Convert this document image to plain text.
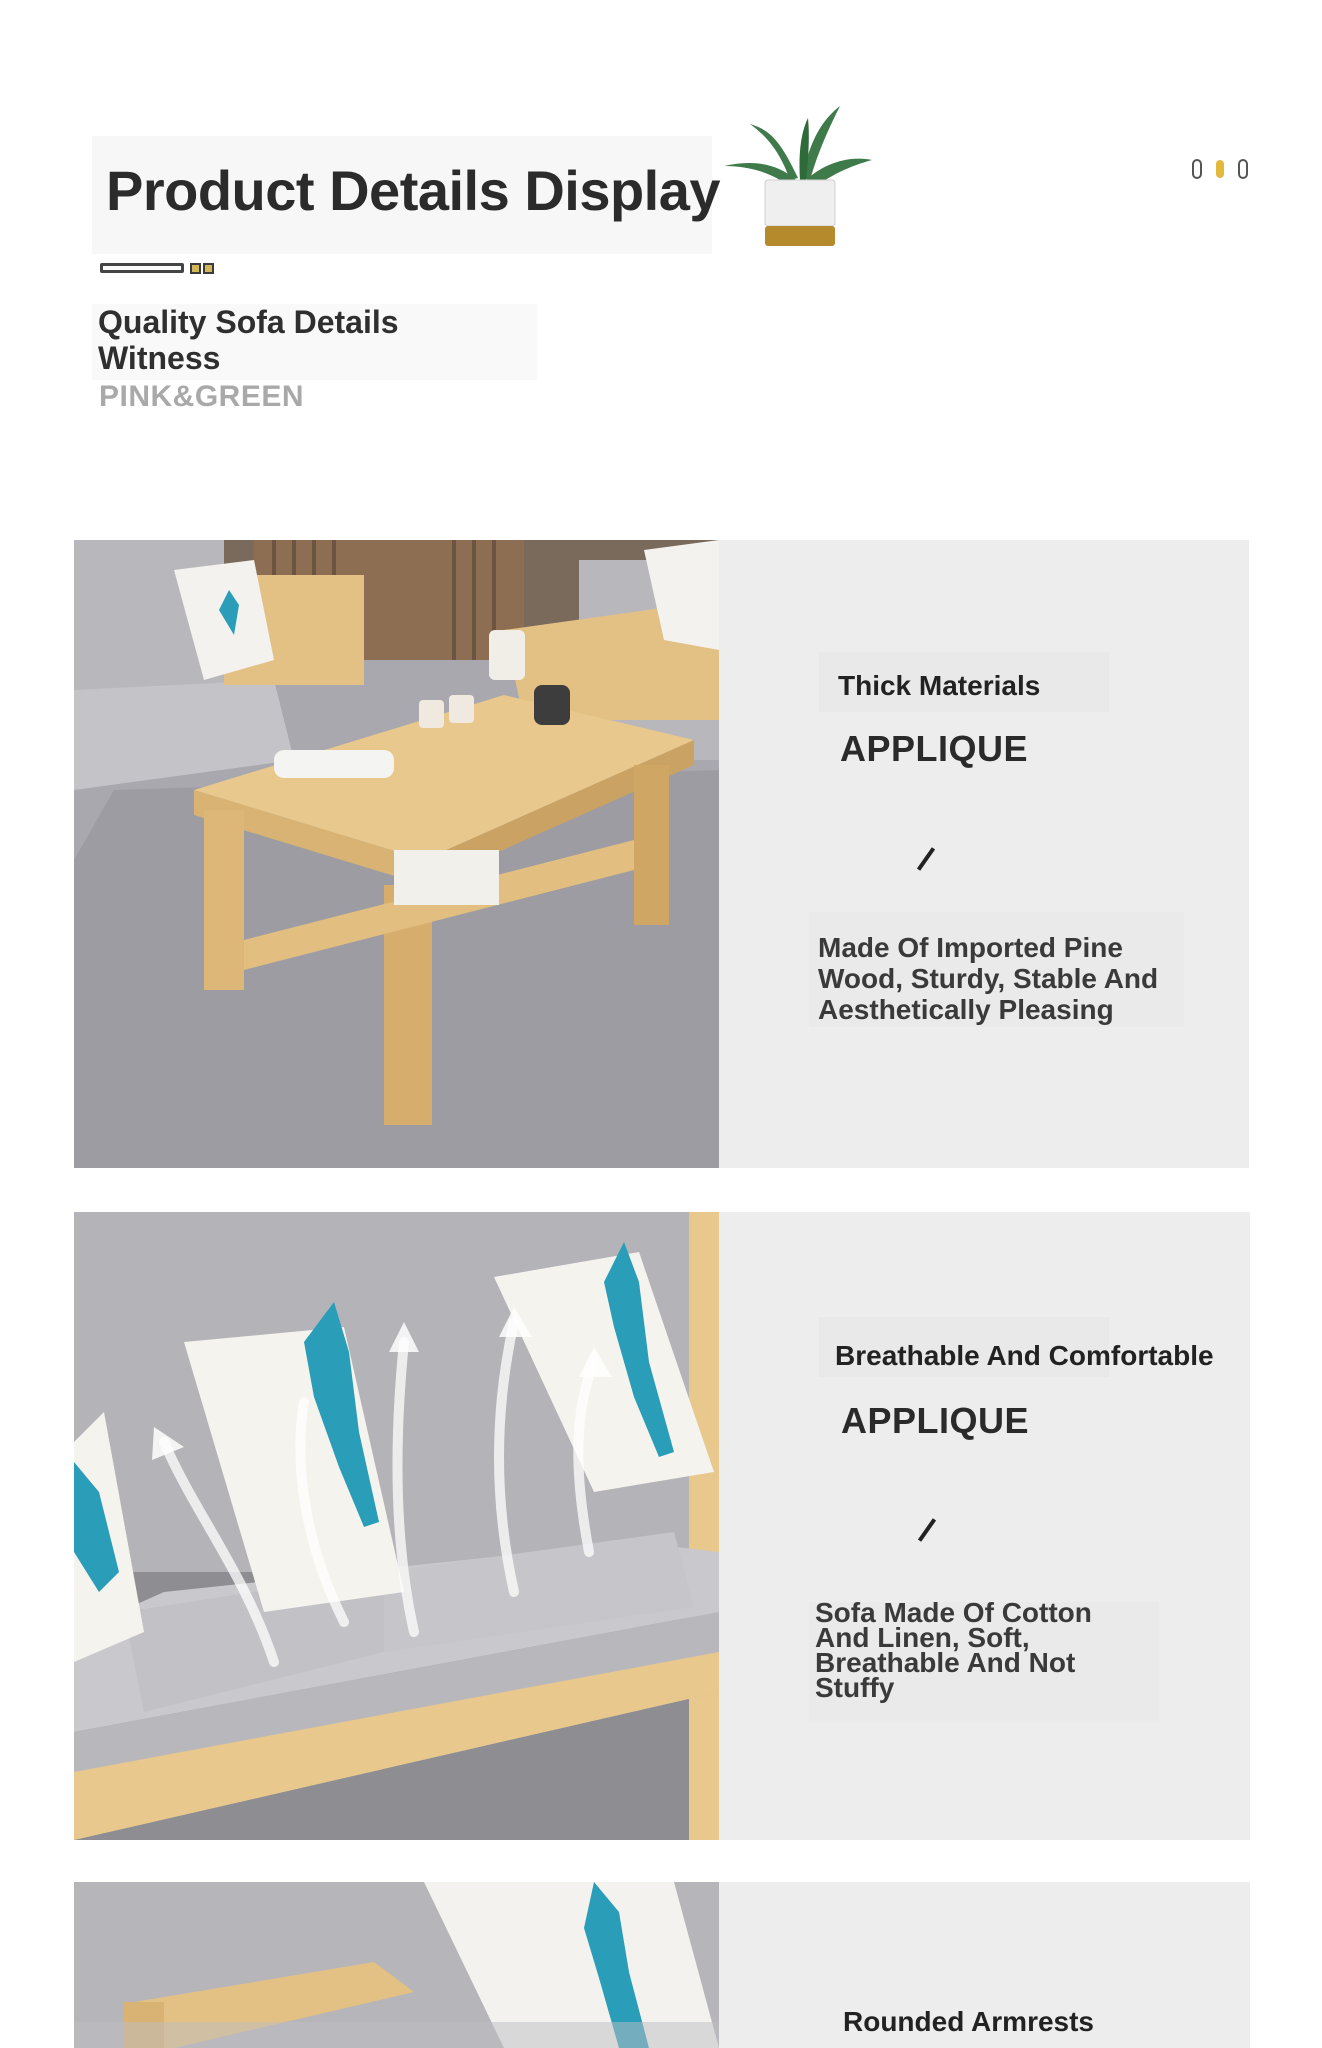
Product Details Display
Quality Sofa Details Witness
PINK&GREEN
Thick Materials
APPLIQUE
Made Of Imported Pine Wood, Sturdy, Stable And Aesthetically Pleasing
Breathable And Comfortable
APPLIQUE
Sofa Made Of Cotton And Linen, Soft, Breathable And Not Stuffy
Rounded Armrests
